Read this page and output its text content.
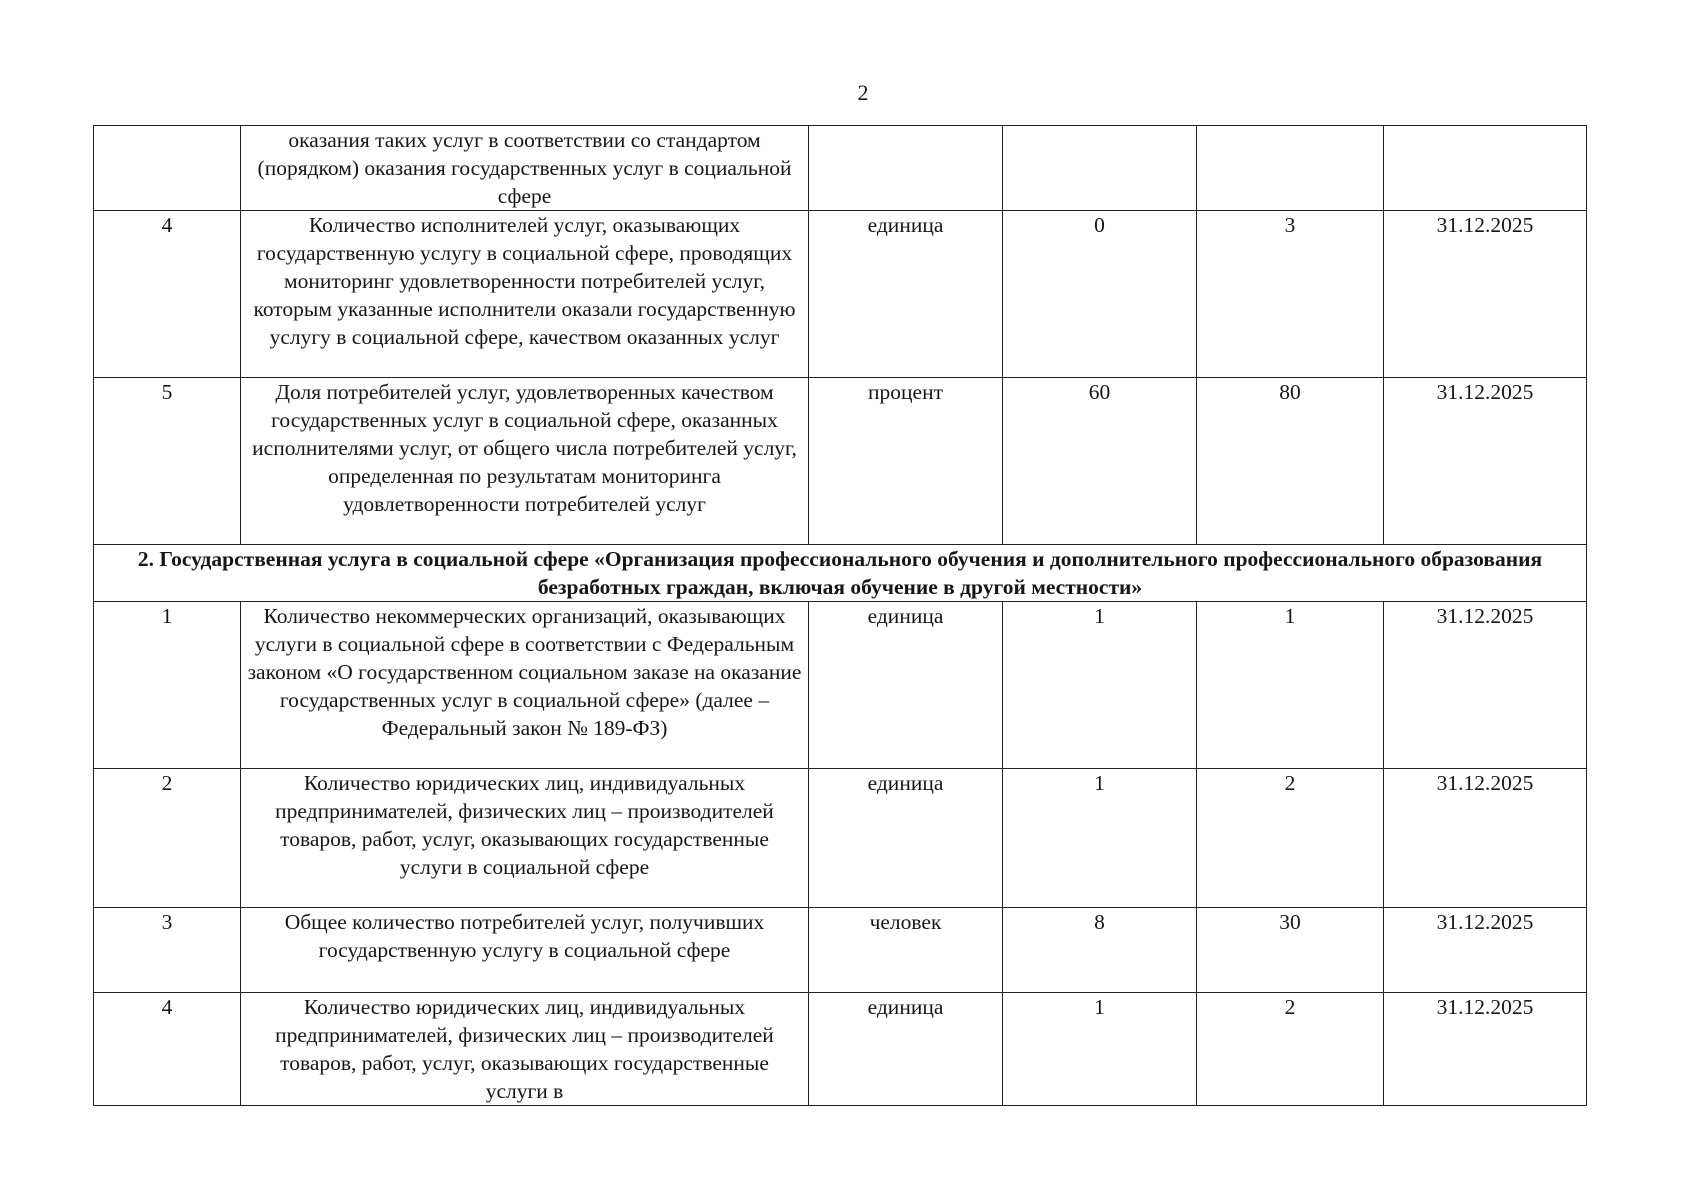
2
	оказания таких услуг в соответствии со стандартом (порядком) оказания государственных услуг в социальной сфере				
4	Количество исполнителей услуг, оказывающих государственную услугу в социальной сфере, проводящих мониторинг удовлетворенности потребителей услуг, которым указанные исполнители оказали государственную услугу в социальной сфере, качеством оказанных услуг	единица	0	3	31.12.2025
5	Доля потребителей услуг, удовлетворенных качеством государственных услуг в социальной сфере, оказанных исполнителями услуг, от общего числа потребителей услуг, определенная по результатам мониторинга удовлетворенности потребителей услуг	процент	60	80	31.12.2025
2. Государственная услуга в социальной сфере «Организация профессионального обучения и дополнительного профессионального образования безработных граждан, включая обучение в другой местности»					
1	Количество некоммерческих организаций, оказывающих услуги в социальной сфере в соответствии с Федеральным законом «О государственном социальном заказе на оказание государственных услуг в социальной сфере» (далее – Федеральный закон № 189-ФЗ)	единица	1	1	31.12.2025
2	Количество юридических лиц, индивидуальных предпринимателей, физических лиц – производителей товаров, работ, услуг, оказывающих государственные услуги в социальной сфере	единица	1	2	31.12.2025
3	Общее количество потребителей услуг, получивших государственную услугу в социальной сфере	человек	8	30	31.12.2025
4	Количество юридических лиц, индивидуальных предпринимателей, физических лиц – производителей товаров, работ, услуг, оказывающих государственные услуги в	единица	1	2	31.12.2025
